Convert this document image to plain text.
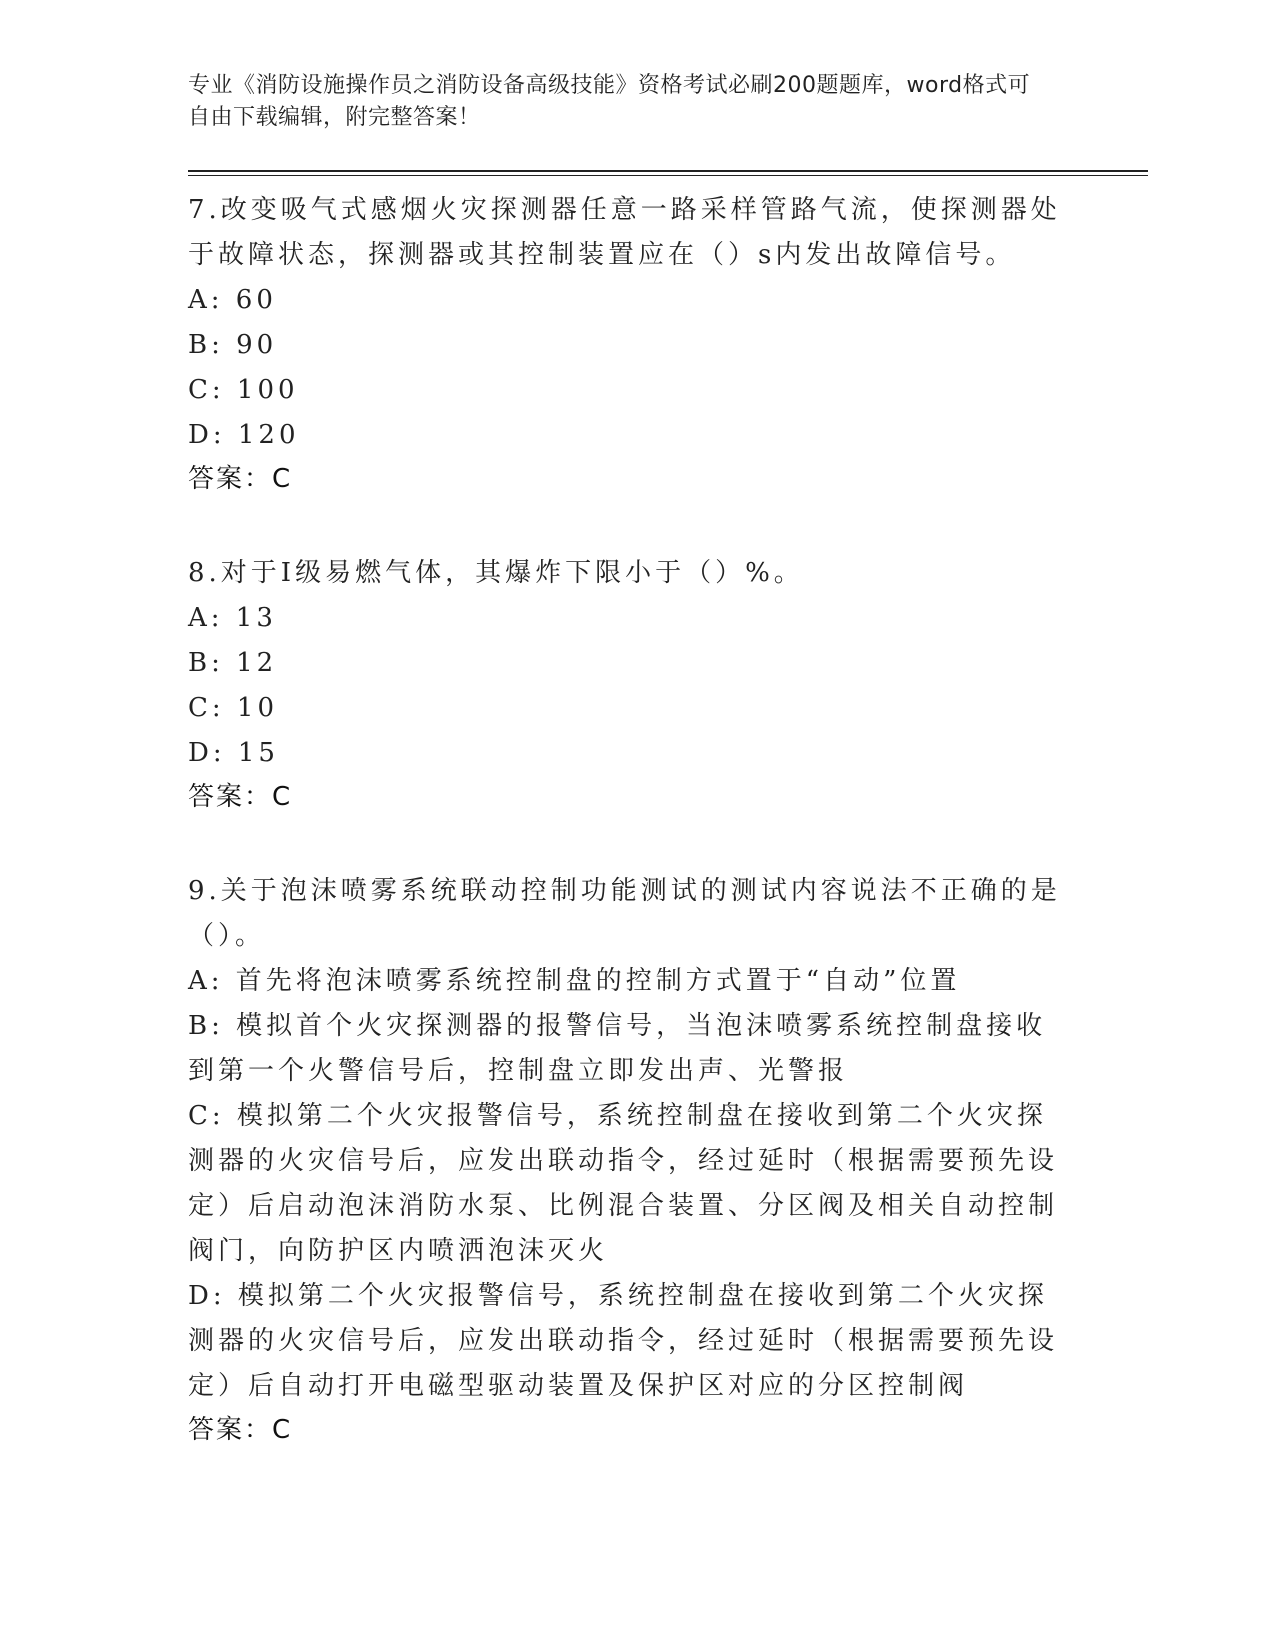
专业《消防设施操作员之消防设备高级技能》资格考试必刷200题题库，word格式可自由下载编辑，附完整答案！
7.改变吸气式感烟火灾探测器任意一路采样管路气流，使探测器处于故障状态，探测器或其控制装置应在（）s内发出故障信号。
A: 60
B: 90
C: 100
D: 120
答案：C
8.对于Ⅰ级易燃气体，其爆炸下限小于（）%。
A: 13
B: 12
C: 10
D: 15
答案：C
9.关于泡沫喷雾系统联动控制功能测试的测试内容说法不正确的是（）。
A: 首先将泡沫喷雾系统控制盘的控制方式置于“自动”位置
B: 模拟首个火灾探测器的报警信号，当泡沫喷雾系统控制盘接收到第一个火警信号后，控制盘立即发出声、光警报
C: 模拟第二个火灾报警信号，系统控制盘在接收到第二个火灾探测器的火灾信号后，应发出联动指令，经过延时（根据需要预先设定）后启动泡沫消防水泵、比例混合装置、分区阀及相关自动控制阀门，向防护区内喷洒泡沫灭火
D: 模拟第二个火灾报警信号，系统控制盘在接收到第二个火灾探测器的火灾信号后，应发出联动指令，经过延时（根据需要预先设定）后自动打开电磁型驱动装置及保护区对应的分区控制阀
答案：C
